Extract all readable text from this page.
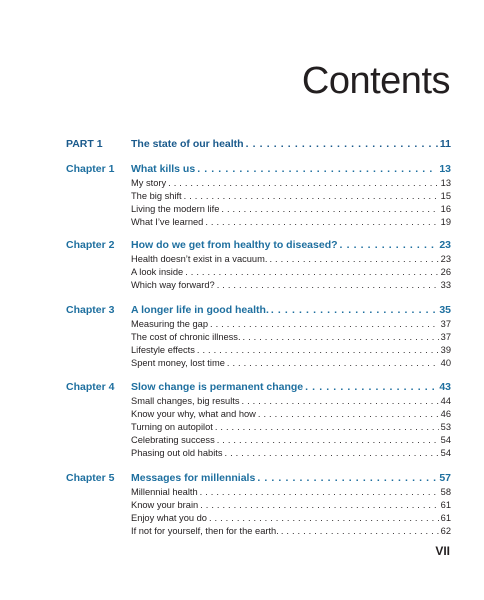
Contents
PART 1	The state of our health . . .	11
Chapter 1 What kills us . . .	13
My story . . .	13
The big shift . . .	15
Living the modern life . . .	16
What I’ve learned . . .	19
Chapter 2 How do we get from healthy to diseased? . . .	23
Health doesn’t exist in a vacuum. . . .	23
A look inside . . .	26
Which way forward? . . .	33
Chapter 3 A longer life in good health. . . .	35
Measuring the gap . . .	37
The cost of chronic illness. . . .	37
Lifestyle effects . . .	39
Spent money, lost time . . .	40
Chapter 4 Slow change is permanent change . . .	43
Small changes, big results . . .	44
Know your why, what and how . . .	46
Turning on autopilot . . .	53
Celebrating success . . .	54
Phasing out old habits . . .	54
Chapter 5 Messages for millennials . . .	57
Millennial health . . .	58
Know your brain . . .	61
Enjoy what you do . . .	61
If not for yourself, then for the earth. . . .	62
VII
